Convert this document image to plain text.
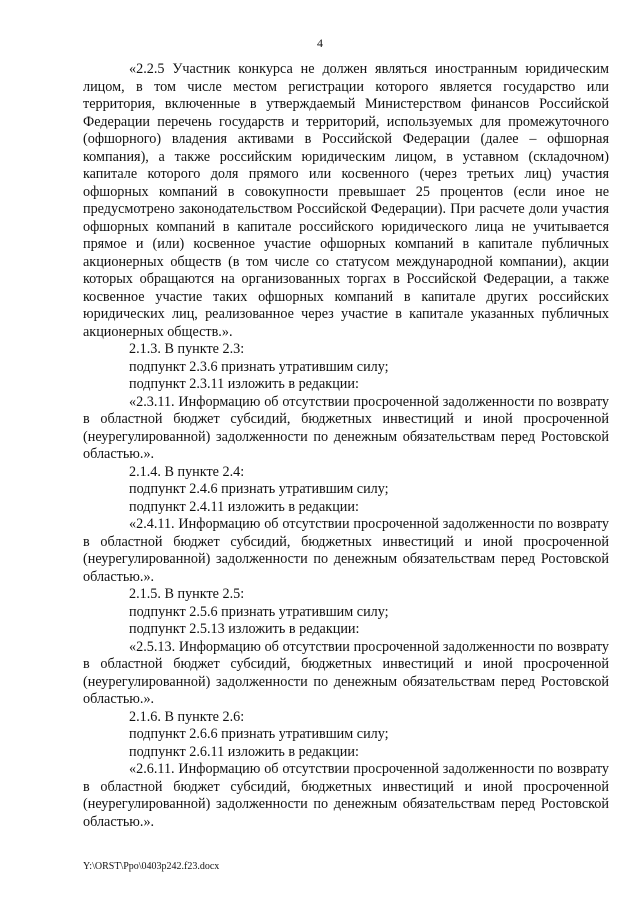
4

«2.2.5 Участник конкурса не должен являться иностранным юридическим лицом, в том числе местом регистрации которого является государство или территория, включенные в утверждаемый Министерством финансов Российской Федерации перечень государств и территорий, используемых для промежуточного (офшорного) владения активами в Российской Федерации (далее – офшорная компания), а также российским юридическим лицом, в уставном (складочном) капитале которого доля прямого или косвенного (через третьих лиц) участия офшорных компаний в совокупности превышает 25 процентов (если иное не предусмотрено законодательством Российской Федерации). При расчете доли участия офшорных компаний в капитале российского юридического лица не учитывается прямое и (или) косвенное участие офшорных компаний в капитале публичных акционерных обществ (в том числе со статусом международной компании), акции которых обращаются на организованных торгах в Российской Федерации, а также косвенное участие таких офшорных компаний в капитале других российских юридических лиц, реализованное через участие в капитале указанных публичных акционерных обществ.».

2.1.3. В пункте 2.3:

подпункт 2.3.6 признать утратившим силу;

подпункт 2.3.11 изложить в редакции:

«2.3.11. Информацию об отсутствии просроченной задолженности по возврату в областной бюджет субсидий, бюджетных инвестиций и иной просроченной (неурегулированной) задолженности по денежным обязательствам перед Ростовской областью.».

2.1.4. В пункте 2.4:

подпункт 2.4.6 признать утратившим силу;

подпункт 2.4.11 изложить в редакции:

«2.4.11. Информацию об отсутствии просроченной задолженности по возврату в областной бюджет субсидий, бюджетных инвестиций и иной просроченной (неурегулированной) задолженности по денежным обязательствам перед Ростовской областью.».

2.1.5. В пункте 2.5:

подпункт 2.5.6 признать утратившим силу;

подпункт 2.5.13 изложить в редакции:

«2.5.13. Информацию об отсутствии просроченной задолженности по возврату в областной бюджет субсидий, бюджетных инвестиций и иной просроченной (неурегулированной) задолженности по денежным обязательствам перед Ростовской областью.».

2.1.6. В пункте 2.6:

подпункт 2.6.6 признать утратившим силу;

подпункт 2.6.11 изложить в редакции:

«2.6.11. Информацию об отсутствии просроченной задолженности по возврату в областной бюджет субсидий, бюджетных инвестиций и иной просроченной (неурегулированной) задолженности по денежным обязательствам перед Ростовской областью.».

Y:\ORST\Ppo\0403p242.f23.docx
